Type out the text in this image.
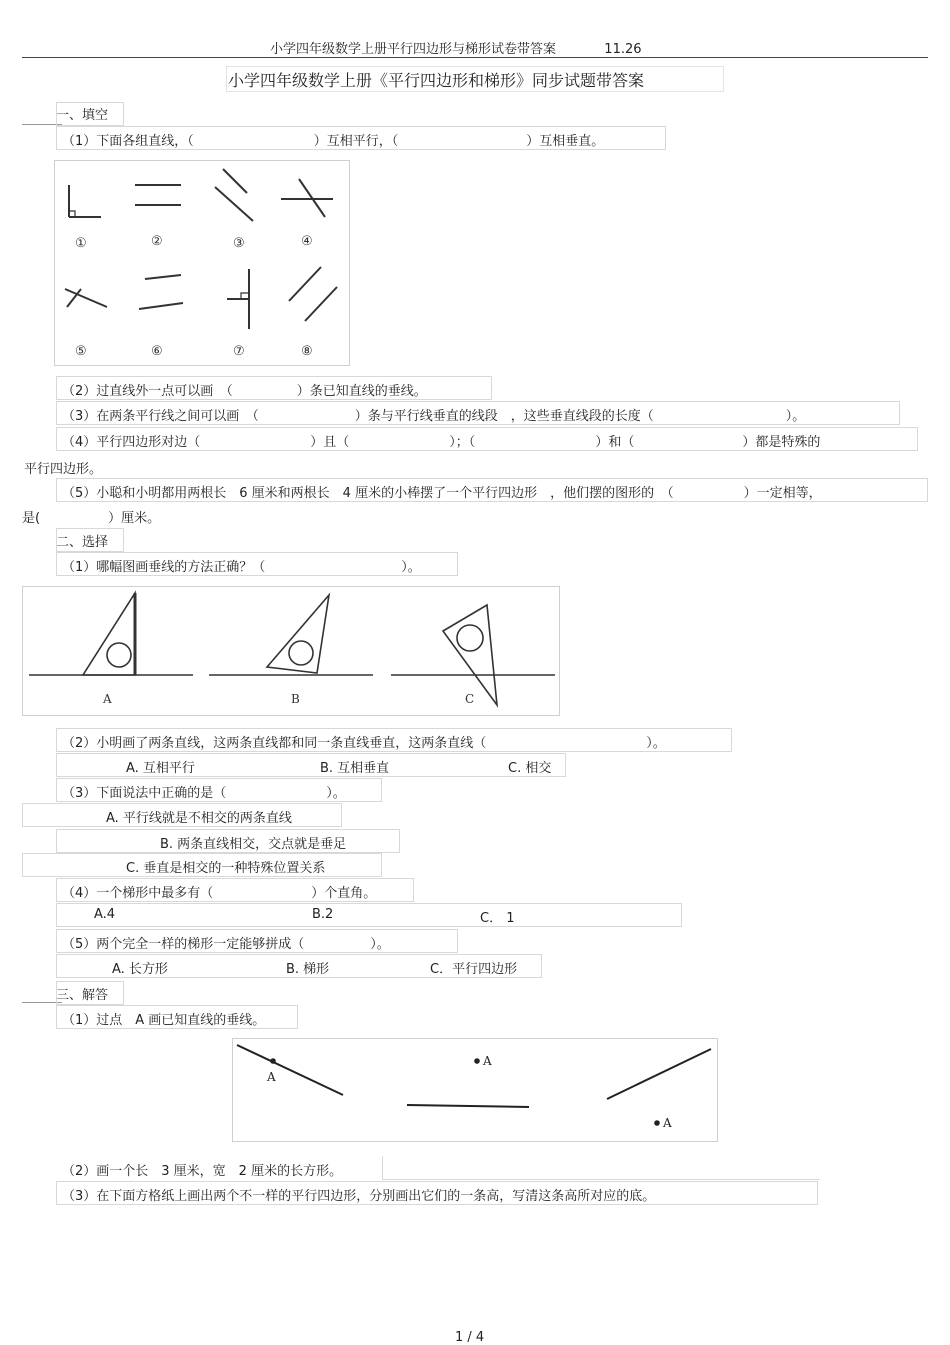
小学四年级数学上册平行四边形与梯形试卷带答案	11.26
小学四年级数学上册《平行四边形和梯形》同步试题带答案
一、填空
（1）下面各组直线，（	）互相平行，（	）互相垂直。
①	②	③	④
⑤	⑥	⑦	⑧
（2）过直线外一点可以画　（	）条已知直线的垂线。
（3）在两条平行线之间可以画　（	）条与平行线垂直的线段　，这些垂直线段的长度（	）。
（4）平行四边形对边（	）且（	）；（	）和（	）都是特殊的
平行四边形。
（5）小聪和小明都用两根长　6 厘米和两根长　4 厘米的小棒摆了一个平行四边形　，他们摆的图形的　（	）一定相等，
是(	）厘米。
二、选择
（1）哪幅图画垂线的方法正确？（	）。
A	B	C
（2）小明画了两条直线，这两条直线都和同一条直线垂直，这两条直线（	）。
A. 互相平行	B. 互相垂直	C. 相交
（3）下面说法中正确的是（	）。
A. 平行线就是不相交的两条直线
B. 两条直线相交，交点就是垂足
C. 垂直是相交的一种特殊位置关系
（4）一个梯形中最多有（	）个直角。
A.4	B.2	C． 1
（5）两个完全一样的梯形一定能够拼成（	）。
A. 长方形	B. 梯形	C．平行四边形
三、解答
（1）过点　A 画已知直线的垂线。
A
A
A
（2）画一个长　3 厘米，宽　2 厘米的长方形。
（3）在下面方格纸上画出两个不一样的平行四边形，分别画出它们的一条高，写清这条高所对应的底。
1 / 4
